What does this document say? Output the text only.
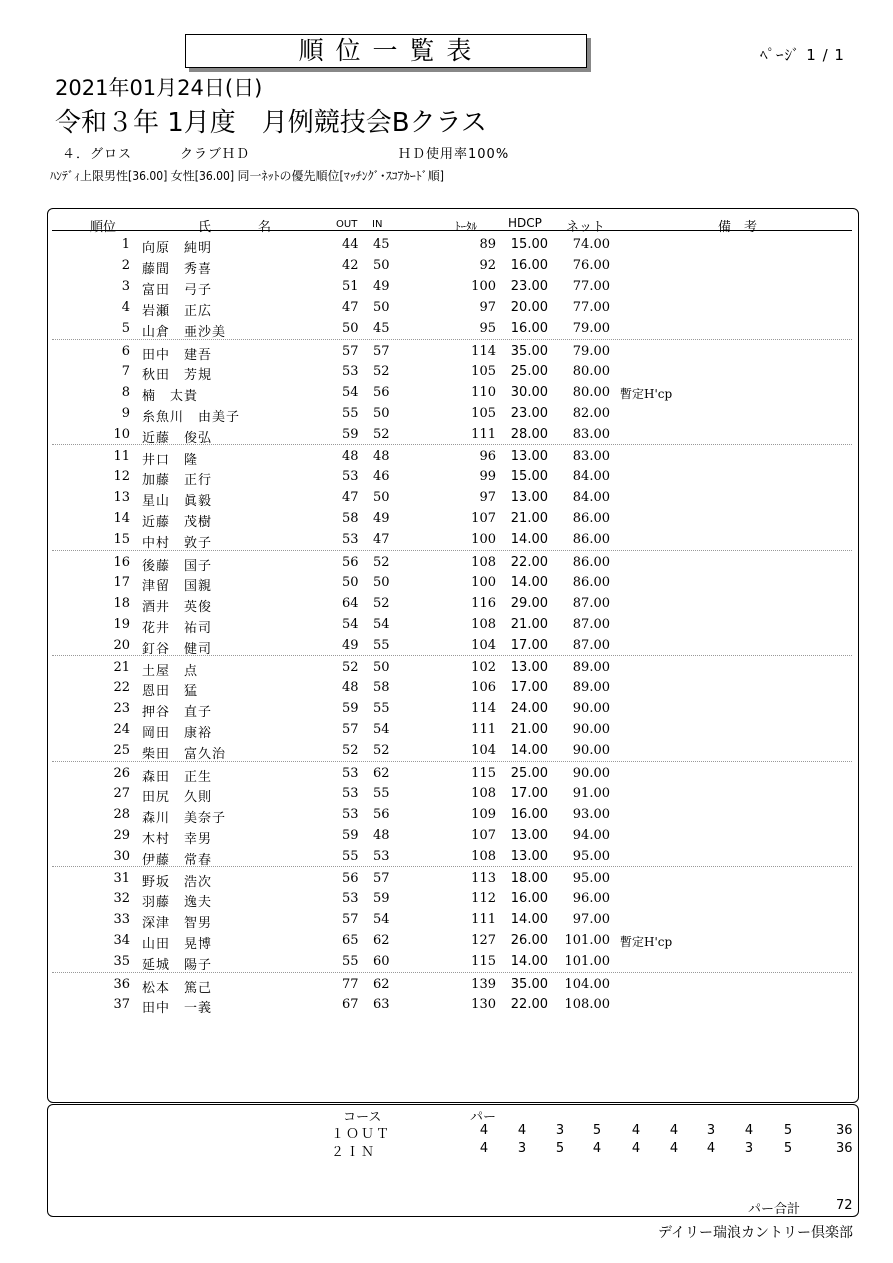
順 位 一 覧 表	ﾍﾟｰｼﾞ 1 / 1
2021年01月24日(日)
令和３年 1月度　月例競技会Bクラス
４．グロス	クラブＨＤ	ＨＤ使用率100%
ﾊﾝﾃﾞｨ上限男性[36.00] 女性[36.00] 同一ﾈｯﾄの優先順位[ﾏｯﾁﾝｸﾞ･ｽｺｱｶｰﾄﾞ順]
順位	氏	名	OUT IN	ﾄｰﾀﾙ	HDCP ネット	備 考
1 向原　純明	44 45	89	15.00	74.00
2 藤間　秀喜	42 50	92	16.00	76.00
3 富田　弓子	51 49	100	23.00	77.00
4 岩瀬　正広	47 50	97	20.00	77.00
5 山倉　亜沙美	50 45	95	16.00	79.00
6 田中　建吾	57 57	114	35.00	79.00
7 秋田　芳規	53 52	105	25.00	80.00
8 楠　太貴	54 56	110	30.00	80.00 暫定H'cp
9 糸魚川　由美子	55 50	105	23.00	82.00
10 近藤　俊弘	59 52	111	28.00	83.00
11 井口　隆	48 48	96	13.00	83.00
12 加藤　正行	53 46	99	15.00	84.00
13 星山　眞毅	47 50	97	13.00	84.00
14 近藤　茂樹	58 49	107	21.00	86.00
15 中村　敦子	53 47	100	14.00	86.00
16 後藤　国子	56 52	108	22.00	86.00
17 津留　国親	50 50	100	14.00	86.00
18 酒井　英俊	64 52	116	29.00	87.00
19 花井　祐司	54 54	108	21.00	87.00
20 釘谷　健司	49 55	104	17.00	87.00
21 土屋　点	52 50	102	13.00	89.00
22 恩田　猛	48 58	106	17.00	89.00
23 押谷　直子	59 55	114	24.00	90.00
24 岡田　康裕	57 54	111	21.00	90.00
25 柴田　富久治	52 52	104	14.00	90.00
26 森田　正生	53 62	115	25.00	90.00
27 田尻　久則	53 55	108	17.00	91.00
28 森川　美奈子	53 56	109	16.00	93.00
29 木村　幸男	59 48	107	13.00	94.00
30 伊藤　常春	55 53	108	13.00	95.00
31 野坂　浩次	56 57	113	18.00	95.00
32 羽藤　逸夫	53 59	112	16.00	96.00
33 深津　智男	57 54	111	14.00	97.00
34 山田　晃博	65 62	127	26.00 101.00 暫定H'cp
35 延城　陽子	55 60	115	14.00 101.00
36 松本　篤己	77 62	139	35.00 104.00
37 田中　一義	67 63	130	22.00 108.00
コース	パー
１ＯＵＴ	4	4	3	5	4	4	3	4	5	36
２ＩＮ	4	3	5	4	4	4	4	3	5	36
パー合計	72
デイリー瑞浪カントリー倶楽部
